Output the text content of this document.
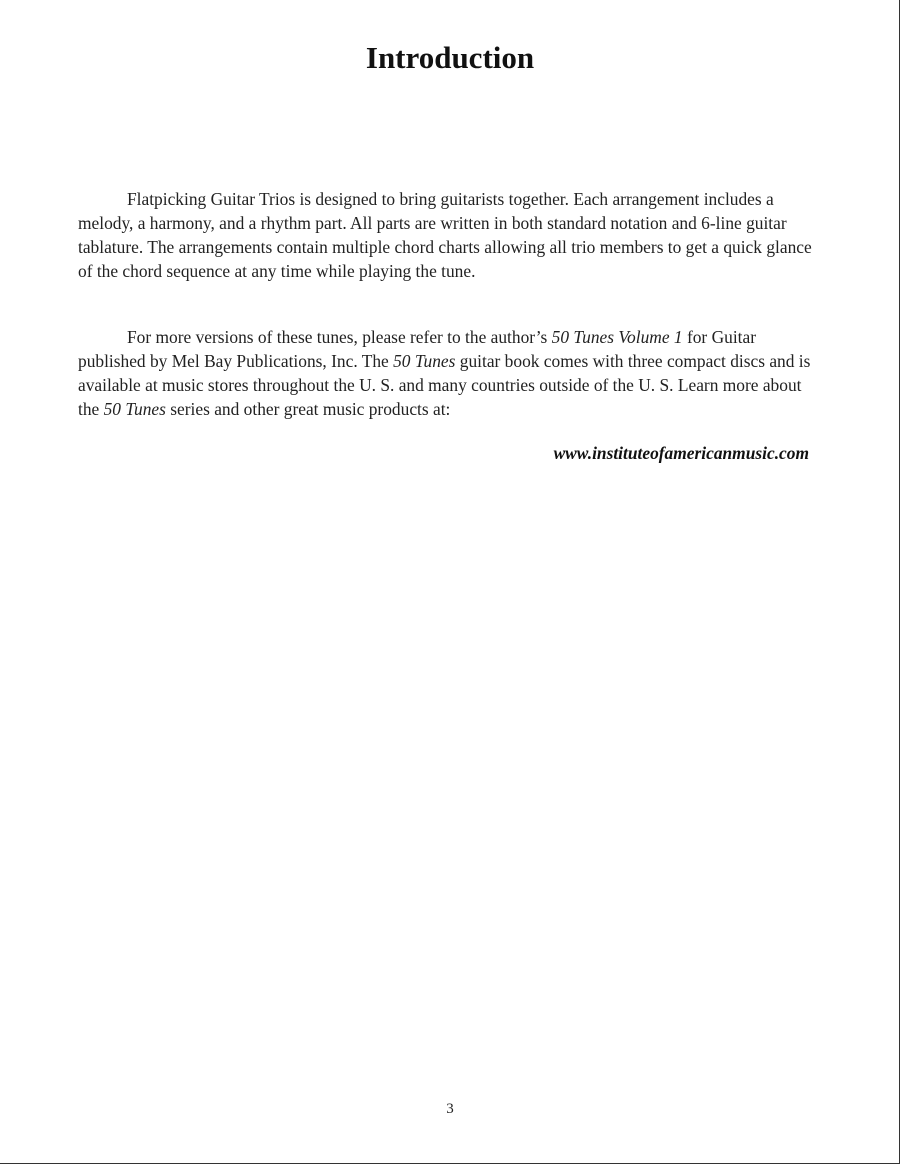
Introduction

Flatpicking Guitar Trios is designed to bring guitarists together. Each arrangement includes a melody, a harmony, and a rhythm part. All parts are written in both standard notation and 6-line guitar tablature. The arrangements contain multiple chord charts allowing all trio members to get a quick glance of the chord sequence at any time while playing the tune.

For more versions of these tunes, please refer to the author’s 50 Tunes Volume 1 for Guitar published by Mel Bay Publications, Inc. The 50 Tunes guitar book comes with three compact discs and is available at music stores throughout the U. S. and many countries outside of the U. S. Learn more about the 50 Tunes series and other great music products at:

www.instituteofamericanmusic.com

3
